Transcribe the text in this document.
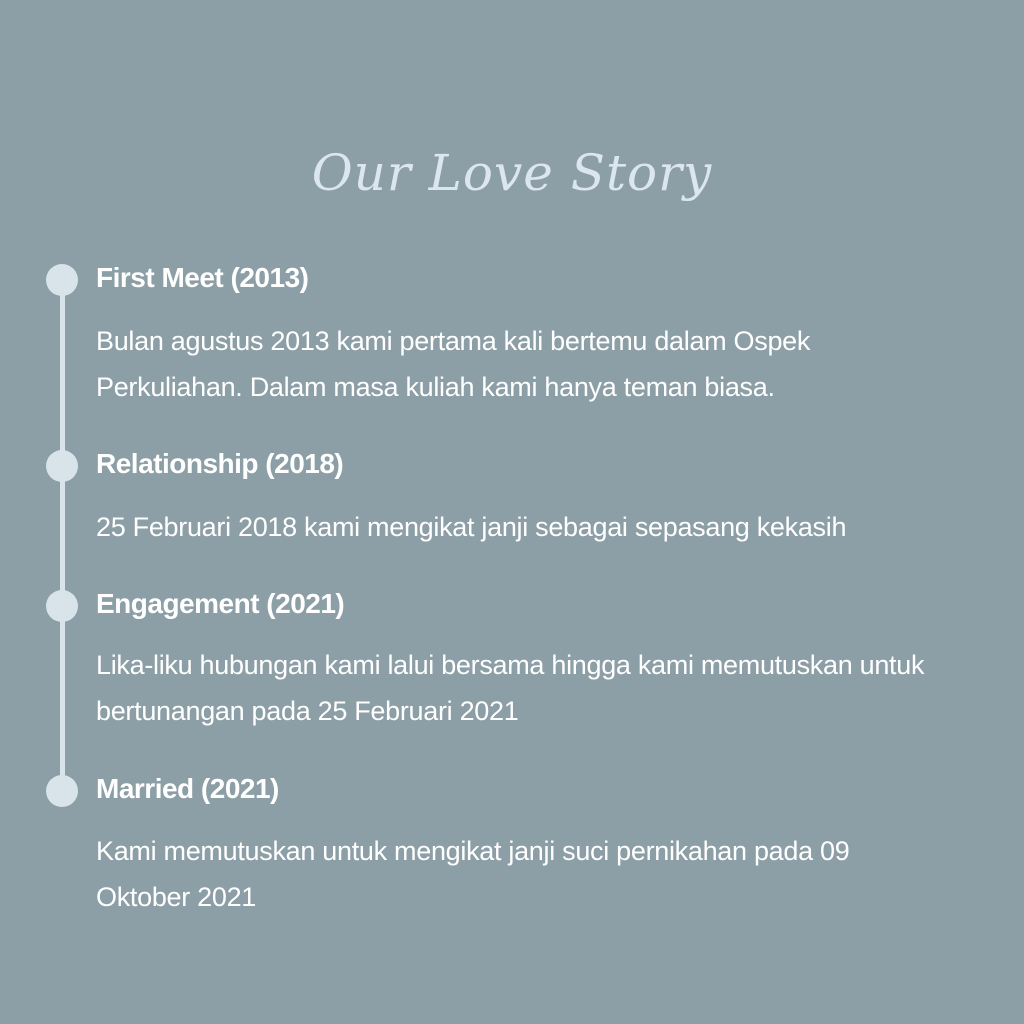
Our Love Story
First Meet (2013)

Bulan agustus 2013 kami pertama kali bertemu dalam Ospek Perkuliahan. Dalam masa kuliah kami hanya teman biasa.

Relationship (2018)

25 Februari 2018 kami mengikat janji sebagai sepasang kekasih

Engagement (2021)

Lika-liku hubungan kami lalui bersama hingga kami memutuskan untuk bertunangan pada 25 Februari 2021

Married (2021)

Kami memutuskan untuk mengikat janji suci pernikahan pada 09 Oktober 2021
